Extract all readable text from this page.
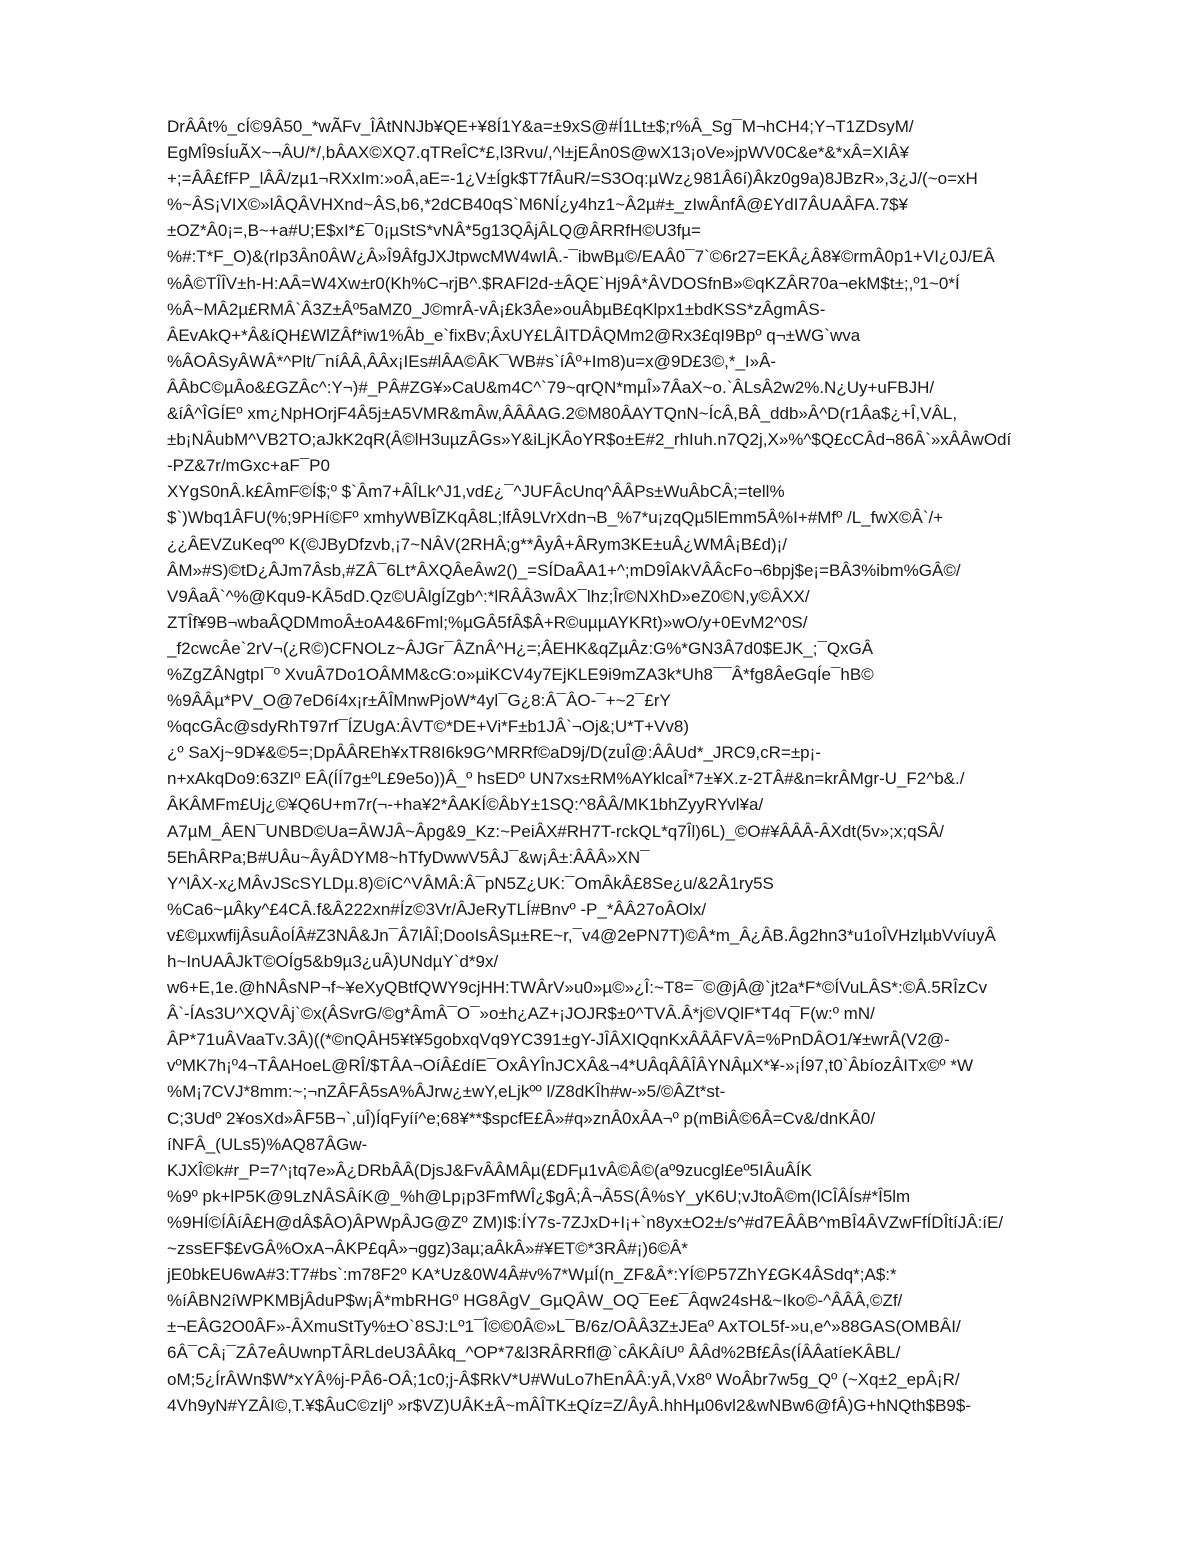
DrÂÂt%_cÍ©9Â50_*wÃFv_ÎÂtNNJb¥QE+¥8Í1Y&a=±9xS@#Í1Lt±$;r%Â_Sg¯M¬hCH4;Y¬T1ZDsyM/
EgMÎ9sÍuÃX~¬ÂU/*/,bÂAX©XQ7.qTReÎC*£,l3Rvu/,^l±jEÂn0S@wX13¡oVe»jpWV0C&e*&*xÂ=XIÂ¥
+;=ÂÂ£fFP_lÂÂ/zµ1¬RXxIm:»oÂ,aE=-1¿V±Ígk$T7fÂuR/=S3Oq:µWz¿981Â6í)Âkz0g9a)8JBzR»,3¿J/(~o=xH
%~ÂS¡VIX©»lÂQÂVHXnd~ÂS,b6,*2dCB40qS`M6NÍ¿y4hz1~Â2µ#±_zIwÂnfÂ@£YdI7ÂUAÂFA.7$¥
±OZ*Â0¡=,B~+a#U;E$xI*£¯0¡µStS*vNÂ*5g13QÂjÂLQ@ÂRRfH©U3fµ=
%#:T*F_O)&(rIp3Ân0ÂW¿Â»Î9ÂfgJXJtpwcMW4wIÂ.-¯ibwBµ©/EAÂ0¯7`©6r27=EKÂ¿Â8¥©rmÂ0p1+VI¿0J/EÂ
%Â©TÎÎV±h-H:AÂ=W4Xw±r0(Kh%C¬rjB^.$RAFl2d-±ÂQE`Hj9Â*ÂVDOSfnB»©qKZÂR70a¬ekM$t±;,º1~0*Í
%Â~MÂ2µ£RMÂ`Â3Z±Âº5aMZ0_J©mrÂ-vÂ¡£k3Âe»ouÂbµB£qKlpx1±bdKSS*zÂgmÂS-
ÂEvAkQ+*Â&íQH£WlZÂf*iw1%Âb_e`fixBv;ÂxUY£LÂITDÂQMm2@Rx3£qI9Bpº q¬±WG`wva
%ÂOÂSyÂWÂ*^Plt/¯níÂÂ,ÂÂx¡IEs#lÂA©ÂK¯WB#s`íÂº+Im8)u=x@9D£3©,*_I»Â-
ÂÂbC©µÂo&£GZÂc^:Y¬)#_PÂ#ZG¥»CaU&m4C^`79~qrQN*mµÎ»7ÂaX~o.`ÂLsÂ2w2%.N¿Uy+uFBJH/
&íÂ^ÎGÍEº xm¿NpHOrjF4Â5j±A5VMR&mÂw,ÂÂÂAG.2©M80ÂAYTQnN~ÍcÂ,BÂ_ddb»Â^D(r1Âa$¿+Î,VÂL,
±b¡NÂubM^VB2TO;aJkK2qR(Â©lH3uµzÂGs»Y&iLjKÂoYR$o±E#2_rhIuh.n7Q2j,X»%^$Q£cCÂd¬86Â`»xÂÂwOdí
-PZ&7r/mGxc+aF¯P0
XYgS0nÂ.k£ÂmF©Í$;º $`Âm7+ÂÎLk^J1,vd£¿¯^JUFÂcUnq^ÂÂPs±WuÂbCÂ;=tell%
$`)Wbq1ÂFU(%;9PHí©Fº xmhyWBÎZKqÂ8L;lfÂ9LVrXdn¬B_%7*u¡zqQµ5lEmm5Â%I+#Mfº /L_fwX©Â`/+
¿¿ÂEVZuKeqºº K(©JByDfzvb,¡7~NÂV(2RHÂ;g**ÂyÂ+ÂRym3KE±uÂ¿WMÂ¡B£d)¡/
ÂM»#S)©tD¿ÂJm7Âsb,#ZÂ¯6Lt*ÂXQÂeÂw2()_=SÍDaÂA1+^;mD9ÎAkVÂÂcFo¬6bpj$e¡=BÂ3%ibm%GÂ©/
V9ÂaÂ`^%@Kqu9-KÂ5dD.Qz©UÂlgÍZgb^:*lRÂÂ3wÂX¯lhz;Îr©NXhD»eZ0©N,y©ÂXX/
ZTÎf¥9B¬wbaÂQDMmoÂ±oA4&6Fml;%µGÂ5fÂ$Â+R©uµµAYKRt)»wO/y+0EvM2^0S/
_f2cwcÂe`2rV¬(¿R©)CFNOLz~ÂJGr¯ÂZnÂ^H¿=;ÂEHK&qZµÂz:G%*GN3Â7d0$EJK_;¯QxGÂ
%ZgZÂNgtpI¯º XvuÂ7Do1OÂMM&cG:o»µiKCV4y7EjKLE9i9mZA3k*Uh8¯¯Â*fg8ÂeGqÍe¯hB©
%9ÂÂµ*PV_O@7eD6í4x¡r±ÂÎMnwPjoW*4yl¯G¿8:Â¯ÂO-¯+~2¯£rY
%qcGÂc@sdyRhT97rf¯ÍZUgA:ÂVT©*DE+Vi*F±b1JÂ`¬Oj&;U*T+Vv8)
¿º SaXj~9D¥&©5=;DpÂÂREh¥xTR8I6k9G^MRRf©aD9j/D(zuÎ@:ÂÂUd*_JRC9,cR=±p¡-
n+xAkqDo9:63ZIº EÂ(ÍÍ7g±ºL£9e5o))Â_º hsEDº UN7xs±RM%AYklcaÎ*7±¥X.z-2TÂ#&n=krÂMgr-U_F2^b&./
ÂKÂMFm£Uj¿©¥Q6U+m7r(¬-+ha¥2*ÂAKÍ©ÂbY±1SQ:^8ÂÂ/MK1bhZyyRYvl¥a/
A7µM_ÂEN¯UNBD©Ua=ÂWJÂ~Âpg&9_Kz:~PeiÂX#RH7T-rckQL*q7Îl)6L)_©O#¥ÂÂÂ-ÂXdt(5v»;x;qSÂ/
5EhÂRPa;B#UÂu~ÂyÂDYM8~hTfyDwwV5ÂJ¯&w¡Â±:ÂÂÂ»XN¯
Y^lÂX-x¿MÂvJScSYLDµ.8)©íC^VÂMÂ:Â¯pN5Z¿UK:¯OmÂkÂ£8Se¿u/&2Â1ry5S
%Ca6~µÂky^£4CÂ.f&Â222xn#Íz©3Vr/ÂJeRyTLÍ#Bnvº -P_*ÂÂ27oÂOlx/
v£©µxwfijÂsuÂoÍÂ#Z3NÂ&Jn¯Â7lÂÎ;DooIsÂSµ±RE~r,¯v4@2ePN7T)©Â*m_Â¿ÂB.Âg2hn3*u1oÎVHzlµbVvíuyÂ
h~InUAÂJkT©OÍg5&b9µ3¿uÂ)UNdµY`d*9x/
w6+E,1e.@hNÂsNP¬f~¥eXyQBtfQWY9cjHH:TWÂrV»u0»µ©»¿Î:~T8=¯©@jÂ@`jt2a*F*©ÍVuLÂS*:©Â.5RÎzCv
Â`-ÍAs3U^XQVÂj`©x(ÂSvrG/©g*ÂmÂ¯O¯»o±h¿AZ+¡JOJR$±0^TVÂ.Â*j©VQlF*T4q¯F(w:º mN/
ÂP*71uÂVaaTv.3Â)((*©nQÂH5¥t¥5gobxqVq9YC391±gY-JÎÂXIQqnKxÂÂÂFVÂ=%PnDÂO1/¥±wrÂ(V2@-
vºMK7h¡º4¬TÂAHoeL@RÎ/$TÂA¬OíÂ£díE¯OxÂYÎnJCXÂ&¬4*UÂqÂÂÎÂYNÂµX*¥-»¡Í97,t0`ÂbíozÂITx©º *W
%M¡7CVJ*8mm:~;¬nZÂFÂ5sA%ÂJrw¿±wY,eLjkºº l/Z8dKÎh#w-»5/©ÂZt*st-
C;3Udº 2¥osXd»ÂF5B¬`,uÎ)ÍqFyíí^e;68¥**$spcfE£Â»#q»znÂ0xÂA¬º p(mBiÂ©6Â=Cv&/dnKÂ0/
íNFÂ_(ULs5)%AQ87ÂGw-
KJXÎ©k#r_P=7^¡tq7e»Â¿DRbÂÂ(DjsJ&FvÂÂMÂµ(£DFµ1vÂ©Â©(aº9zucgl£eº5IÂuÂÍK
%9º pk+lP5K@9LzNÂSÂíK@_%h@Lp¡p3FmfWÎ¿$gÂ;Â¬Â5S(Â%sY_yK6U;vJtoÂ©m(lCÎÂÍs#*Î5lm
%9HÍ©ÍÂíÂ£H@dÂ$ÂO)ÂPWpÂJG@Zº ZM)I$:ÍY7s-7ZJxD+I¡+`n8yx±O2±/s^#d7EÂÂB^mBÎ4ÂVZwFfÍDÎtíJÂ:íE/
~zssEF$£vGÂ%OxA¬ÂKP£qÂ»¬ggz)3aµ;aÂkÂ»#¥ET©*3RÂ#¡)6©Â*
jE0bkEU6wA#3:T7#bs`:m78F2º KA*Uz&0W4Â#v%7*WµÍ(n_ZF&Â*:YÍ©P57ZhY£GK4ÂSdq*;A$:*
%íÂBN2íWPKMBjÂduP$w¡Â*mbRHGº HG8ÂgV_GµQÂW_OQ¯Ee£¯Âqw24sH&~Iko©-^ÂÂÂ,©Zf/
±¬EÂG2O0ÂF»-ÂXmuStTy%±O`8SJ:Lº1¯Î©©0Â©»L¯B/6z/OÂÂ3Z±JEaº AxTOL5f-»u,e^»88GAS(OMBÂI/
6Â¯CÂ¡¯ZÂ7eÂUwnpTÂRLdeU3ÂÂkq_^OP*7&l3RÂRRfl@`cÂKÂíUº ÂÂd%2Bf£Âs(ÍÂÂatíeKÂBL/
oM;5¿ÍrÂWn$W*xYÂ%j-PÂ6-OÂ;1c0;j-Â$RkV*U#WuLo7hEnÂÂ:yÂ,Vx8º WoÂbr7w5g_Qº (~Xq±2_epÂ¡R/
4Vh9yN#YZÂI©,T.¥$ÂuC©zIjº »r$VZ)UÂK±Â~mÂÎTK±Qíz=Z/ÂyÂ.hhHµ06vl2&wNBw6@fÂ)G+hNQth$B9$-
